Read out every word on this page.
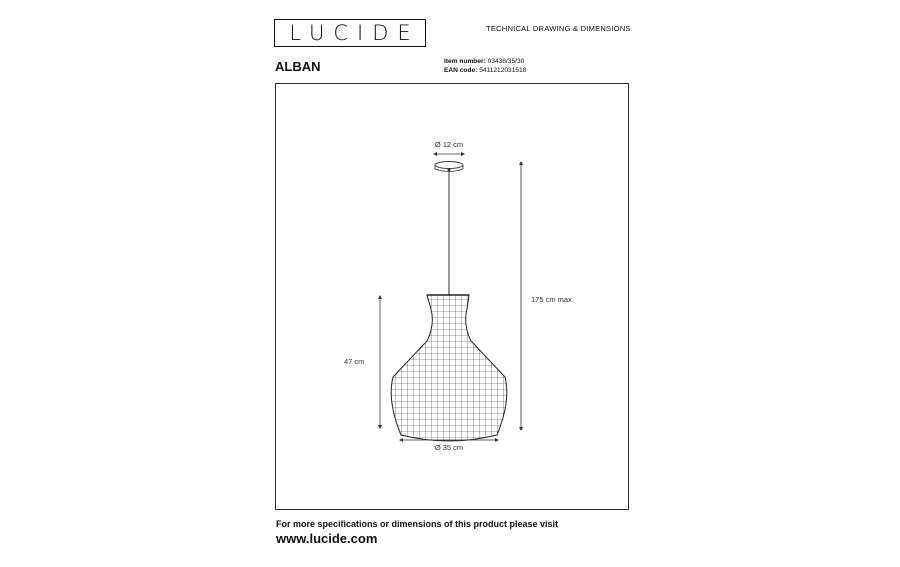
LUCIDE	TECHNICAL DRAWING & DIMENSIONS
ALBAN	Item number: 03438/35/30
EAN code: 5411212031518
Ø 12 cm
175 cm max.
47 cm
Ø 35 cm
For more specifications or dimensions of this product please visit
www.lucide.com
